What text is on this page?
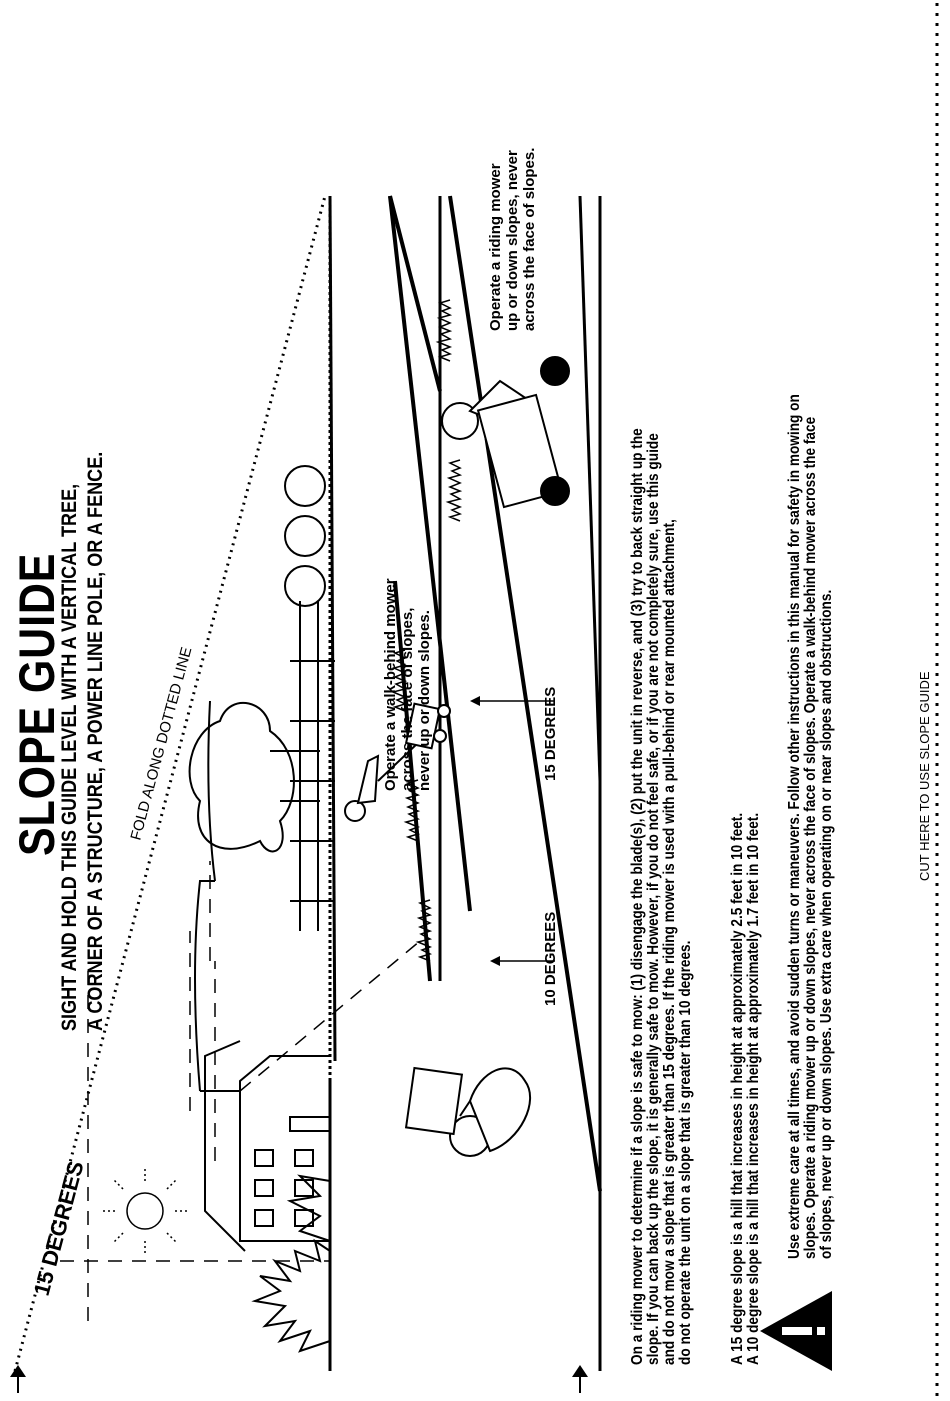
15 DEGREES
FOLD ALONG DOTTED LINE
10 DEGREES
15 DEGREES
Operate a walk-behind mower across the face of slopes, never up or down slopes.
Operate a riding mower up or down slopes, never across the face of slopes.
SLOPE GUIDE
SIGHT AND HOLD THIS GUIDE LEVEL WITH A VERTICAL TREE, A CORNER OF A STRUCTURE, A POWER LINE POLE, OR A FENCE.	On a riding mower to determine if a slope is safe to mow: (1) disengage the blade(s), (2) put the unit in reverse, and (3) try to back straight up the slope. If you can back up the slope, it is generally safe to mow. However, if you do not feel safe, or if you are not completely sure, use this guide and do not mow a slope that is greater than 15 degrees. If the riding mower is used with a pull-behind or rear mounted attachment, do not operate the unit on a slope that is greater than 10 degrees. A 15 degree slope is a hill that increases in height at approximately 2.5 feet in 10 feet. A 10 degree slope is a hill that increases in height at approximately 1.7 feet in 10 feet. Use extreme care at all times, and avoid sudden turns or maneuvers. Follow other instructions in this manual for safety in mowing on slopes. Operate a riding mower up or down slopes, never across the face of slopes. Operate a walk-behind mower across the face of slopes, never up or down slopes. Use extra care when operating on or near slopes and obstructions.	CUT HERE TO USE SLOPE GUIDE
